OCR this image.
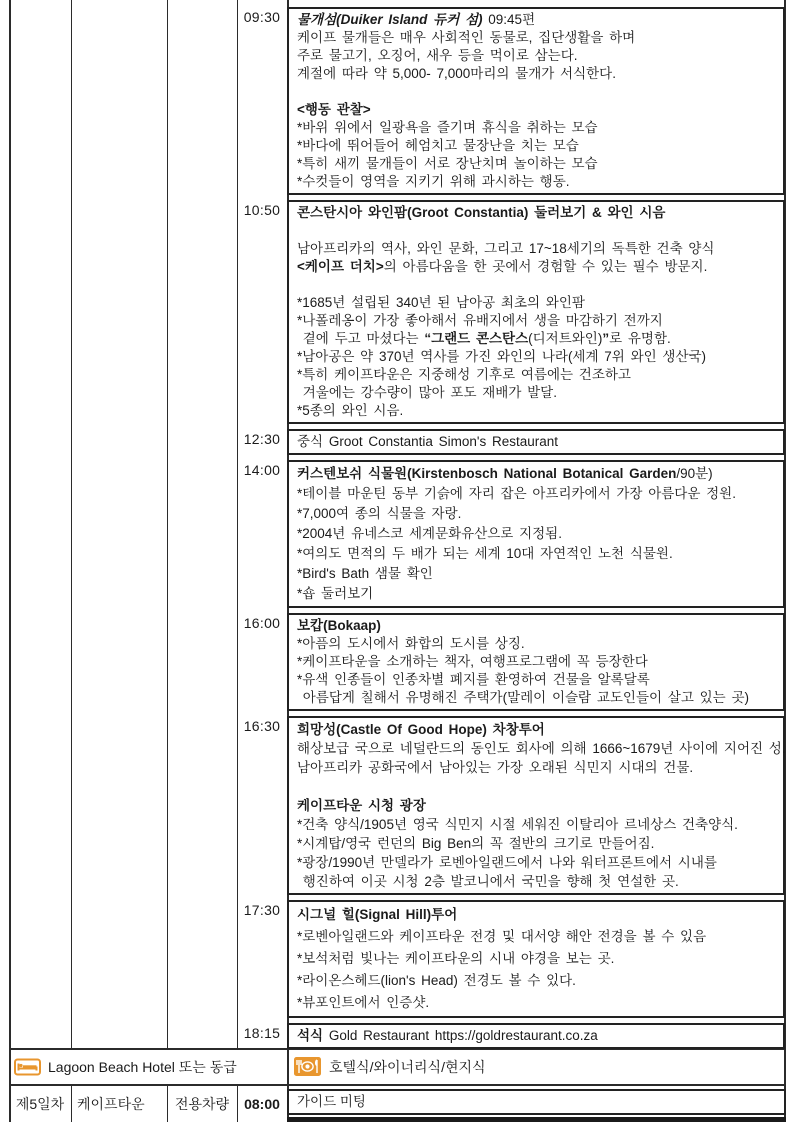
09:30	물개섬(Duiker Island 듀커 섬) 09:45편
케이프 물개들은 매우 사회적인 동물로, 집단생활을 하며
주로 물고기, 오징어, 새우 등을 먹이로 삼는다.
계절에 따라 약 5,000- 7,000마리의 물개가 서식한다.

<행동 관찰>
*바위 위에서 일광욕을 즐기며 휴식을 취하는 모습
*바다에 뛰어들어 헤엄치고 물장난을 치는 모습
*특히 새끼 물개들이 서로 장난치며 놀이하는 모습
*수컷들이 영역을 지키기 위해 과시하는 행동.
10:50	콘스탄시아 와인팜(Groot Constantia) 둘러보기 & 와인 시음

남아프리카의 역사, 와인 문화, 그리고 17~18세기의 독특한 건축 양식
<케이프 더치>의 아름다움을 한 곳에서 경험할 수 있는 필수 방문지.

*1685년 설립된 340년 된 남아공 최초의 와인팜
*나폴레옹이 가장 좋아해서 유배지에서 생을 마감하기 전까지
곁에 두고 마셨다는 “그랜드 콘스탄스(디저트와인)”로 유명함.
*남아공은 약 370년 역사를 가진 와인의 나라(세계 7위 와인 생산국)
*특히 케이프타운은 지중해성 기후로 여름에는 건조하고
겨울에는 강수량이 많아 포도 재배가 발달.
*5종의 와인 시음.
12:30	중식 Groot Constantia Simon's Restaurant
14:00	커스텐보쉬 식물원(Kirstenbosch National Botanical Garden/90분)
*테이블 마운틴 동부 기슭에 자리 잡은 아프리카에서 가장 아름다운 정원.
*7,000여 종의 식물을 자랑.
*2004년 유네스코 세계문화유산으로 지정됨.
*여의도 면적의 두 배가 되는 세계 10대 자연적인 노천 식물원.
*Bird's Bath 샘물 확인
*숍 둘러보기
16:00	보캅(Bokaap)
*아픔의 도시에서 화합의 도시를 상징.
*케이프타운을 소개하는 책자, 여행프로그램에 꼭 등장한다
*유색 인종들이 인종차별 폐지를 환영하여 건물을 알록달록
아름답게 칠해서 유명해진 주택가(말레이 이슬람 교도인들이 살고 있는 곳)
16:30	희망성(Castle Of Good Hope) 차창투어
해상보급 국으로 네덜란드의 동인도 회사에 의해 1666~1679년 사이에 지어진 성.
남아프리카 공화국에서 남아있는 가장 오래된 식민지 시대의 건물.

케이프타운 시청 광장
*건축 양식/1905년 영국 식민지 시절 세워진 이탈리아 르네상스 건축양식.
*시계탑/영국 런던의 Big Ben의 꼭 절반의 크기로 만들어짐.
*광장/1990년 만델라가 로벤아일랜드에서 나와 워터프론트에서 시내를
행진하여 이곳 시청 2층 발코니에서 국민을 향해 첫 연설한 곳.
17:30	시그널 힐(Signal Hill)투어
*로벤아일랜드와 케이프타운 전경 및 대서양 해안 전경을 볼 수 있음
*보석처럼 빛나는 케이프타운의 시내 야경을 보는 곳.
*라이온스헤드(lion's Head) 전경도 볼 수 있다.
*뷰포인트에서 인증샷.
18:15	석식 Gold Restaurant https://goldrestaurant.co.za
Lagoon Beach Hotel 또는 동급	호텔식/와이너리식/현지식
제5일차 케이프타운	전용차량	08:00	가이드 미팅
